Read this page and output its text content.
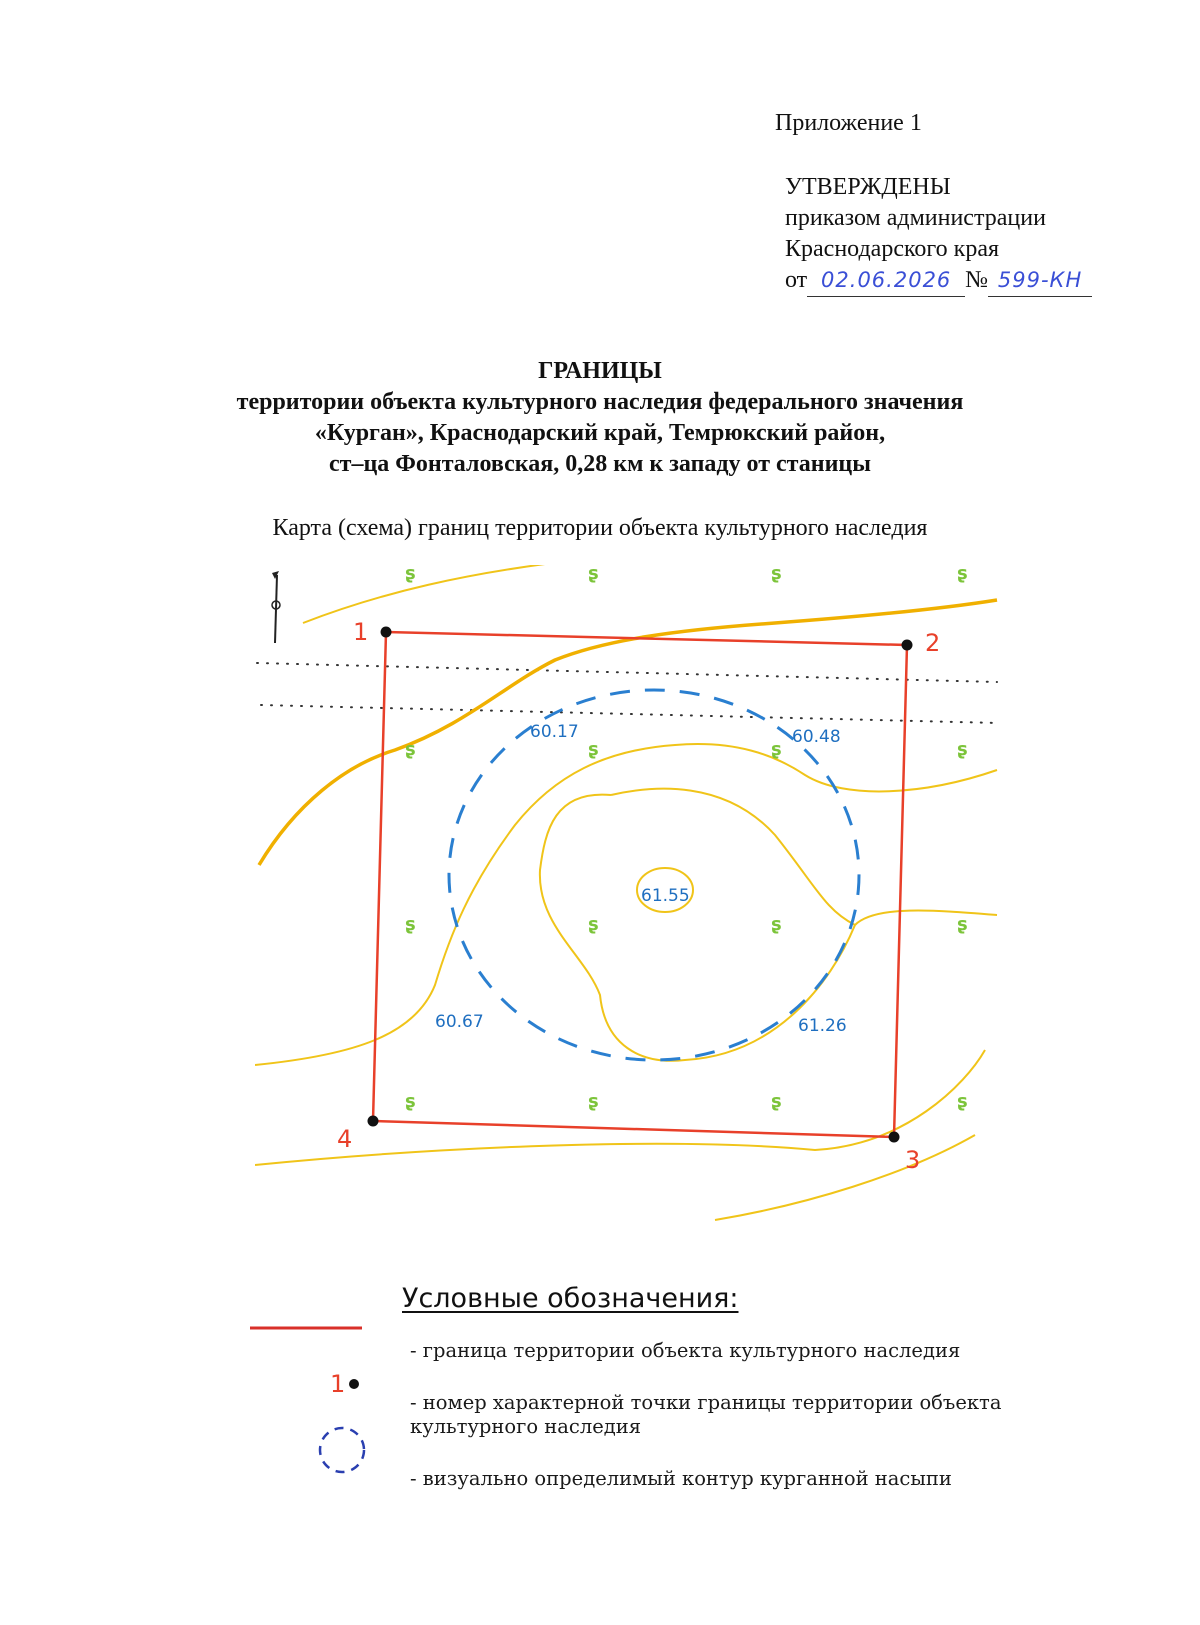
Приложение 1
УТВЕРЖДЕНЫ
приказом администрации
Краснодарского края
от 02.06.2026 № 599-КН
ГРАНИЦЫ
территории объекта культурного наследия федерального значения
«Курган», Краснодарский край, Темрюкский район,
ст–ца Фонталовская, 0,28 км к западу от станицы
Карта (схема) границ территории объекта культурного наследия
ʂ	ʂ	ʂ	ʂ
ʂ	ʂ	ʂ	ʂ
ʂ	ʂ	ʂ	ʂ
ʂ	ʂ	ʂ	ʂ
1	2
3
4
60.17	60.48
61.55
60.67	61.26
Условные обозначения:
1
- граница территории объекта культурного наследия
- номер характерной точки границы территории объекта культурного наследия
- визуально определимый контур курганной насыпи
